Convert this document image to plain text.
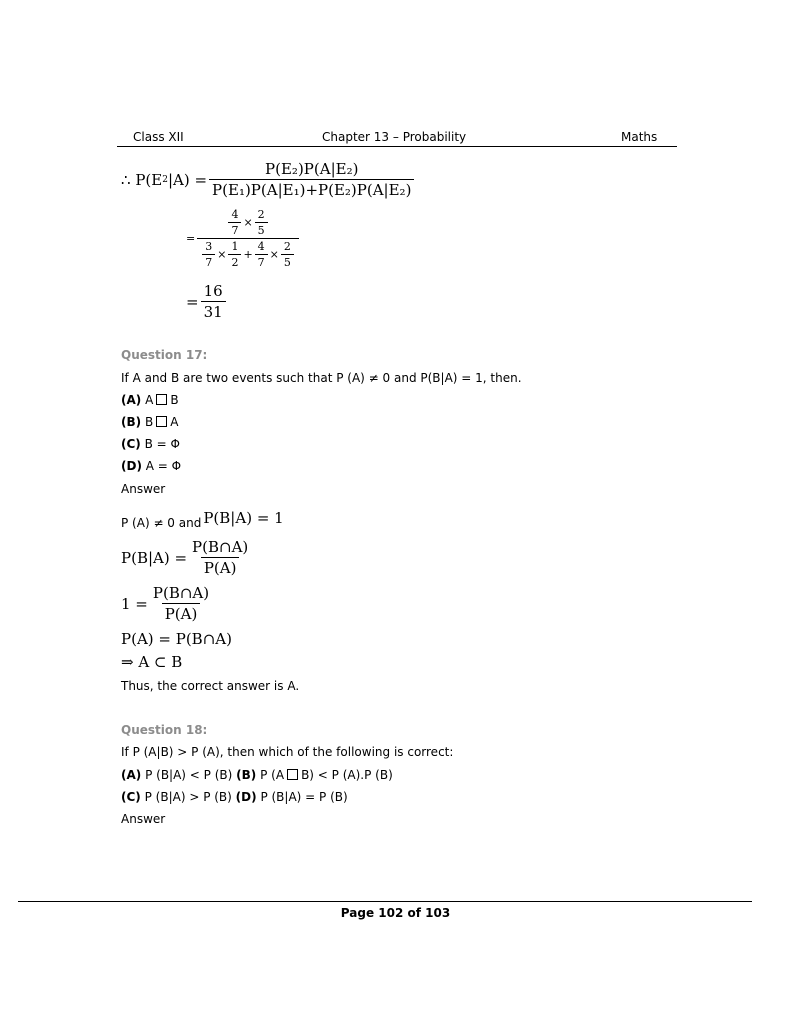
Class XII	Chapter 13 – Probability	Maths
∴
P(E 2 $|A) = \frac{\text{P(E₂)P(A|E₂)}}{\text{P(E₁)P(A|E₁)+P(E₂)P(A|E₂)}}$
= $\frac{\frac{4}{7} \times \frac{2}{5}}{\frac{3}{7} \times \frac{1}{2} + \frac{4}{7} \times \frac{2}{5}}$
= $\frac{16}{31}$
Question 17:
If A and B are two events such that P (A) ≠ 0 and P(B|A) = 1, then.
(A) A B
(B) B A
(C) B = Φ
(D) A = Φ
Answer
P (A) ≠ 0 and P(B|A) = 1
$P(B|A) = \frac{P(B\cap A)}{P(A)}$
$1 = \frac{P(B\cap A)}{P(A)}$
P(A) = P(B∩A)
⇒ A ⊂ B
Thus, the correct answer is A.
Question 18:
If P (A|B) > P (A), then which of the following is correct:
(A) P (B|A) < P (B) (B) P (A B) < P (A).P (B)
(C) P (B|A) > P (B) (D) P (B|A) = P (B)
Answer
Page 102 of 103
